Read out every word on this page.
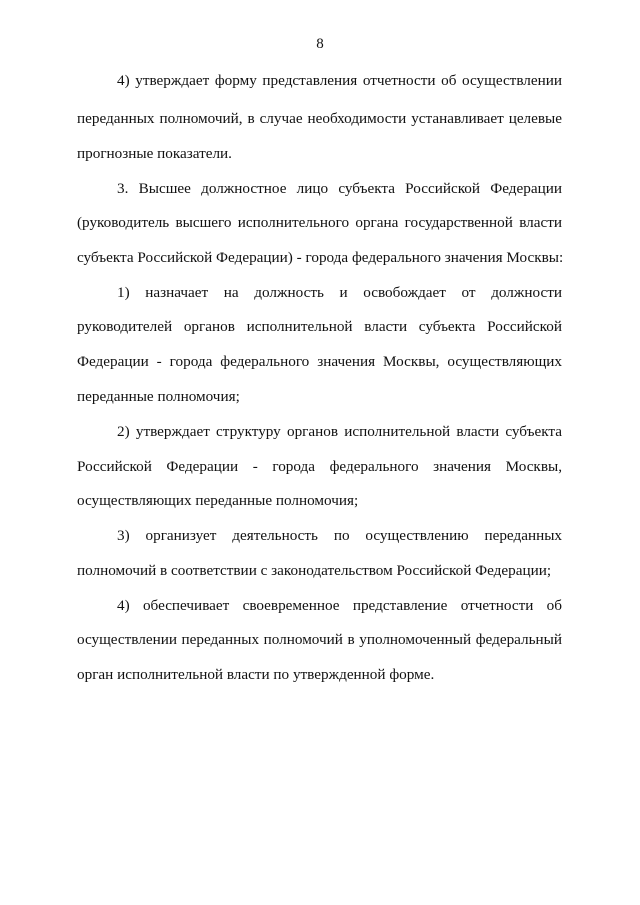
8
4) утверждает форму представления отчетности об осуществлении
переданных полномочий, в случае необходимости устанавливает целевые
прогнозные показатели.
3. Высшее должностное лицо субъекта Российской Федерации
(руководитель высшего исполнительного органа государственной власти
субъекта Российской Федерации) - города федерального значения Москвы:
1) назначает на должность и освобождает от должности
руководителей органов исполнительной власти субъекта Российской
Федерации - города федерального значения Москвы, осуществляющих
переданные полномочия;
2) утверждает структуру органов исполнительной власти субъекта
Российской Федерации - города федерального значения Москвы,
осуществляющих переданные полномочия;
3) организует деятельность по осуществлению переданных
полномочий в соответствии с законодательством Российской Федерации;
4) обеспечивает своевременное представление отчетности об
осуществлении переданных полномочий в уполномоченный федеральный
орган исполнительной власти по утвержденной форме.
